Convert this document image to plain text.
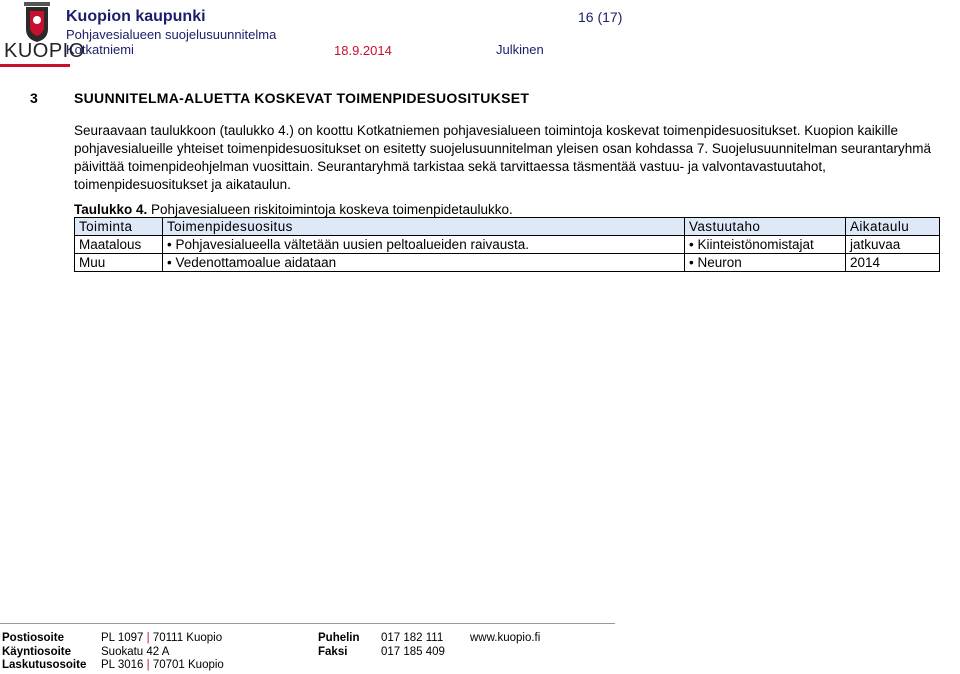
KUOPIO
Kuopion kaupunki
Pohjavesialueen suojelusuunnitelma
Kotkatniemi	18.9.2014	Julkinen
16 (17)
3	SUUNNITELMA-ALUETTA KOSKEVAT TOIMENPIDESUOSITUKSET
Seuraavaan taulukkoon (taulukko 4.) on koottu Kotkatniemen pohjavesialueen toimintoja koskevat toimenpidesuositukset. Kuopion kaikille pohjavesialueille yhteiset toimenpidesuositukset on esitetty suojelusuunnitelman yleisen osan kohdassa 7. Suojelusuunnitelman seurantaryhmä päivittää toimenpideohjelman vuosittain. Seurantaryhmä tarkistaa sekä tarvittaessa täsmentää vastuu- ja valvontavastuutahot, toimenpidesuositukset ja aikataulun.
Taulukko 4. Pohjavesialueen riskitoimintoja koskeva toimenpidetaulukko.
Toiminta	Toimenpidesuositus	Vastuutaho	Aikataulu
Maatalous	• Pohjavesialueella vältetään uusien peltoalueiden raivausta.	• Kiinteistönomistajat	jatkuvaa
Muu	• Vedenottamoalue aidataan	• Neuron	2014
Postiosoite	PL 1097 | 70111 Kuopio
Käyntiosoite	Suokatu 42 A
Laskutusosoite PL 3016 | 70701 Kuopio
Puhelin 017 182 111
Faksi	017 185 409
www.kuopio.fi
